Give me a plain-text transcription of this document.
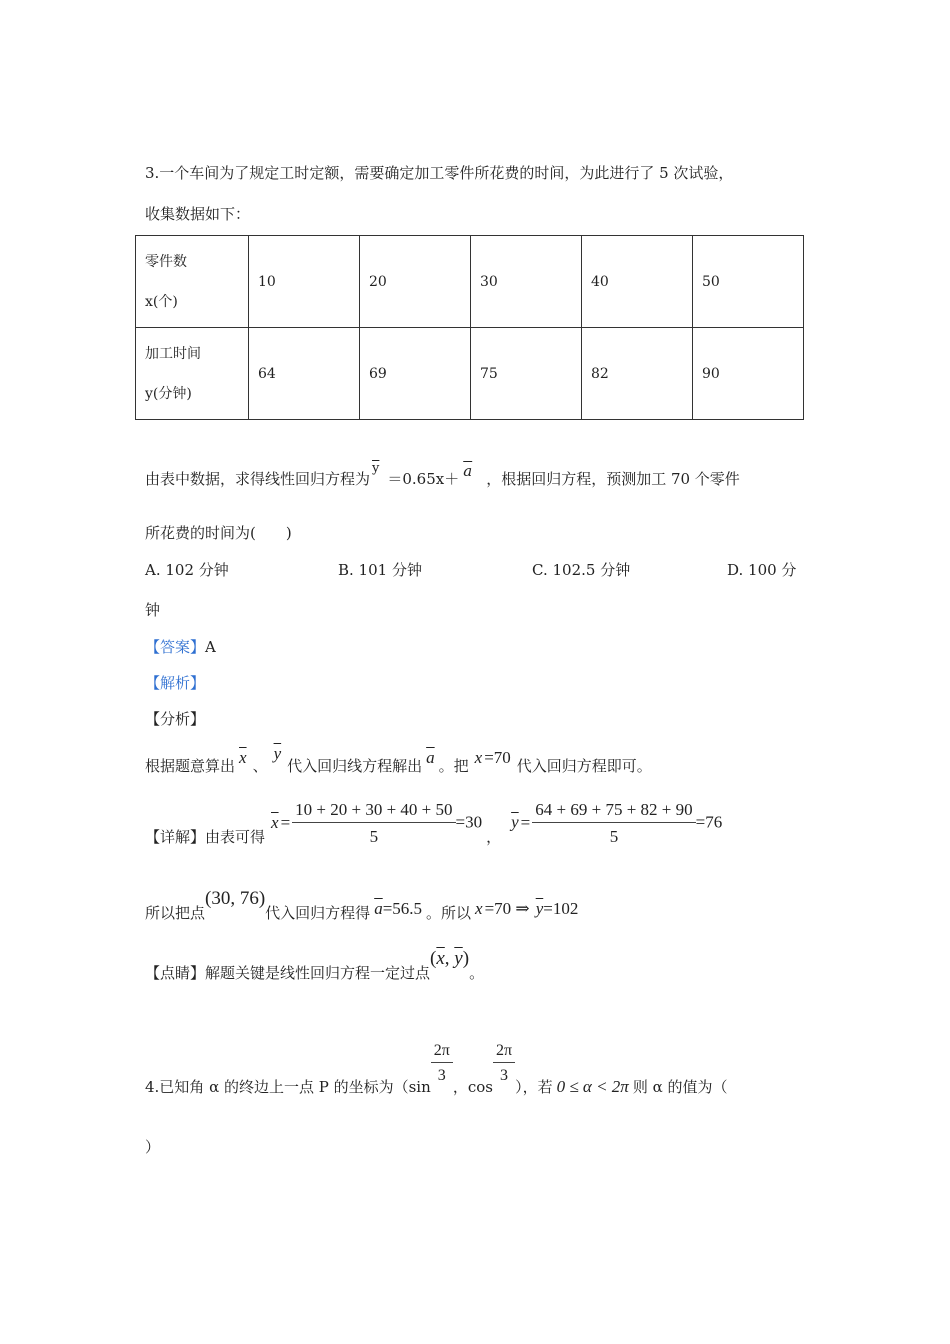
3.一个车间为了规定工时定额，需要确定加工零件所花费的时间，为此进行了 5 次试验，
收集数据如下：
零件数
x(个)	10	20	30	40	50

加工时间
y(分钟)	64	69	75	82	90
由表中数据，求得线性回归方程为$\overline{y}=0.65x+ \overline{a}$ ，根据回归方程，预测加工 70 个零件
所花费的时间为(　　)
A. 102 分钟	B. 101 分钟	C. 102.5 分钟	D. 100 分
钟
【答案】A
【解析】
【分析】
根据题意算出 $\overline{x}$ 、$\overline{y}$代入回归线方程解出 $\overline{a}$ 。把 x =70 代入回归方程即可。
【详解】由表可得$\overline{x} = \frac{10 + 20 + 30 + 40 + 50}{5} =30$，$\overline{y} = \frac{64 + 69 + 75 + 82 + 90}{5} =76$
所以把点(30, 76)代入回归方程得 $\overline{a}=56.5$ 。所以 x =70 ⇒ $\overline{y}=102$
【点睛】解题关键是线性回归方程一定过点($\overline{x}$, $\overline{y}$)。
4.已知角 α 的终边上一点 P 的坐标为（sin
$\frac{2\pi}{3}$
，cos
$\frac{2\pi}{3}$
），若 0 ≤ α < 2π 则 α 的值为（
）
